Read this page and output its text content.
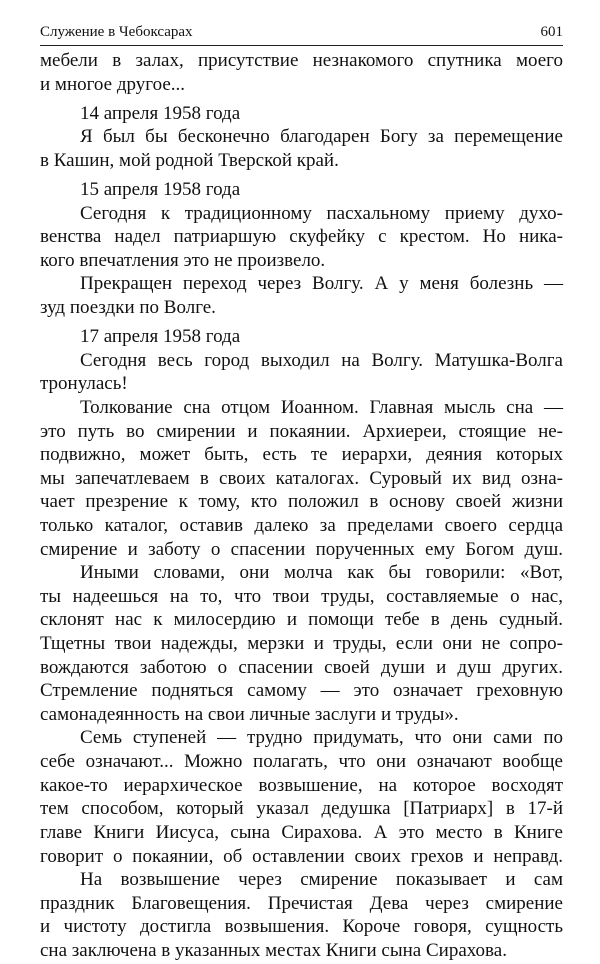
Служение в Чебоксарах	601
мебели в залах, присутствие незнакомого спутника моего
и многое другое...
14 апреля 1958 года
Я был бы бесконечно благодарен Богу за перемещение
в Кашин, мой родной Тверской край.
15 апреля 1958 года
Сегодня к традиционному пасхальному приему духо-
венства надел патриаршую скуфейку с крестом. Но ника-
кого впечатления это не произвело.
Прекращен переход через Волгу. А у меня болезнь —
зуд поездки по Волге.
17 апреля 1958 года
Сегодня весь город выходил на Волгу. Матушка-Волга
тронулась!
Толкование сна отцом Иоанном. Главная мысль сна —
это путь во смирении и покаянии. Архиереи, стоящие не-
подвижно, может быть, есть те иерархи, деяния которых
мы запечатлеваем в своих каталогах. Суровый их вид озна-
чает презрение к тому, кто положил в основу своей жизни
только каталог, оставив далеко за пределами своего сердца
смирение и заботу о спасении порученных ему Богом душ.
Иными словами, они молча как бы говорили: «Вот,
ты надеешься на то, что твои труды, составляемые о нас,
склонят нас к милосердию и помощи тебе в день судный.
Тщетны твои надежды, мерзки и труды, если они не сопро-
вождаются заботою о спасении своей души и душ других.
Стремление подняться самому — это означает греховную
самонадеянность на свои личные заслуги и труды».
Семь ступеней — трудно придумать, что они сами по
себе означают... Можно полагать, что они означают вообще
какое-то иерархическое возвышение, на которое восходят
тем способом, который указал дедушка [Патриарх] в 17-й
главе Книги Иисуса, сына Сирахова. А это место в Книге
говорит о покаянии, об оставлении своих грехов и неправд.
На возвышение через смирение показывает и сам
праздник Благовещения. Пречистая Дева через смирение
и чистоту достигла возвышения. Короче говоря, сущность
сна заключена в указанных местах Книги сына Сирахова.
